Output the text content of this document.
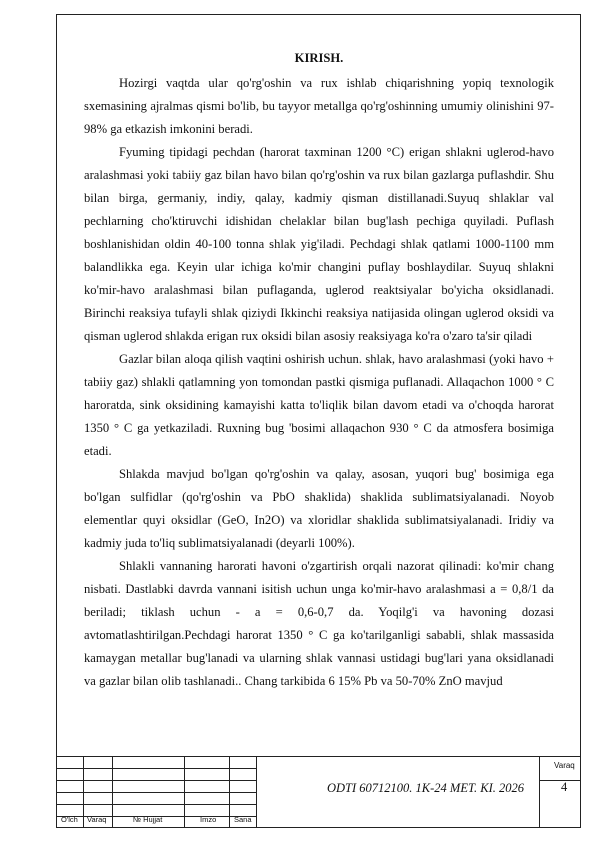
KIRISH.

Hozirgi vaqtda ular qo'rg'oshin va rux ishlab chiqarishning yopiq texnologik sxemasining ajralmas qismi bo'lib, bu tayyor metallga qo'rg'oshinning umumiy olinishini 97-98% ga etkazish imkonini beradi.

Fyuming tipidagi pechdan (harorat taxminan 1200 °C) erigan shlakni uglerod-havo aralashmasi yoki tabiiy gaz bilan havo bilan qo'rg'oshin va rux bilan gazlarga puflashdir. Shu bilan birga, germaniy, indiy, qalay, kadmiy qisman distillanadi.Suyuq shlaklar val pechlarning cho'ktiruvchi idishidan chelaklar bilan bug'lash pechiga quyiladi. Puflash boshlanishidan oldin 40-100 tonna shlak yig'iladi. Pechdagi shlak qatlami 1000-1100 mm balandlikka ega. Keyin ular ichiga ko'mir changini puflay boshlaydilar. Suyuq shlakni ko'mir-havo aralashmasi bilan puflaganda, uglerod reaktsiyalar bo'yicha oksidlanadi. Birinchi reaksiya tufayli shlak qiziydi Ikkinchi reaksiya natijasida olingan uglerod oksidi va qisman uglerod shlakda erigan rux oksidi bilan asosiy reaksiyaga ko'ra o'zaro ta'sir qiladi

Gazlar bilan aloqa qilish vaqtini oshirish uchun. shlak, havo aralashmasi (yoki havo + tabiiy gaz) shlakli qatlamning yon tomondan pastki qismiga puflanadi. Allaqachon 1000 ° C haroratda, sink oksidining kamayishi katta to'liqlik bilan davom etadi va o'choqda harorat 1350 ° C ga yetkaziladi. Ruxning bug 'bosimi allaqachon 930 ° C da atmosfera bosimiga etadi.

Shlakda mavjud bo'lgan qo'rg'oshin va qalay, asosan, yuqori bug' bosimiga ega bo'lgan sulfidlar (qo'rg'oshin va PbO shaklida) shaklida sublimatsiyalanadi. Noyob elementlar quyi oksidlar (GeO, In2O) va xloridlar shaklida sublimatsiyalanadi. Iridiy va kadmiy juda to'liq sublimatsiyalanadi (deyarli 100%).

Shlakli vannaning harorati havoni o'zgartirish orqali nazorat qilinadi: ko'mir chang nisbati. Dastlabki davrda vannani isitish uchun unga ko'mir-havo aralashmasi a = 0,8/1 da beriladi; tiklash uchun - a = 0,6-0,7 da. Yoqilg'i va havoning dozasi avtomatlashtirilgan.Pechdagi harorat 1350 ° C ga ko'tarilganligi sababli, shlak massasida kamaygan metallar bug'lanadi va ularning shlak vannasi ustidagi bug'lari yana oksidlanadi va gazlar bilan olib tashlanadi.. Chang tarkibida 6 15% Pb va 50-70% ZnO mavjud

O'lch Varaq	№ Hujjat	Imzo Sana
ODTI 60712100. 1K-24 MET. KI. 2026
Varaq
4
